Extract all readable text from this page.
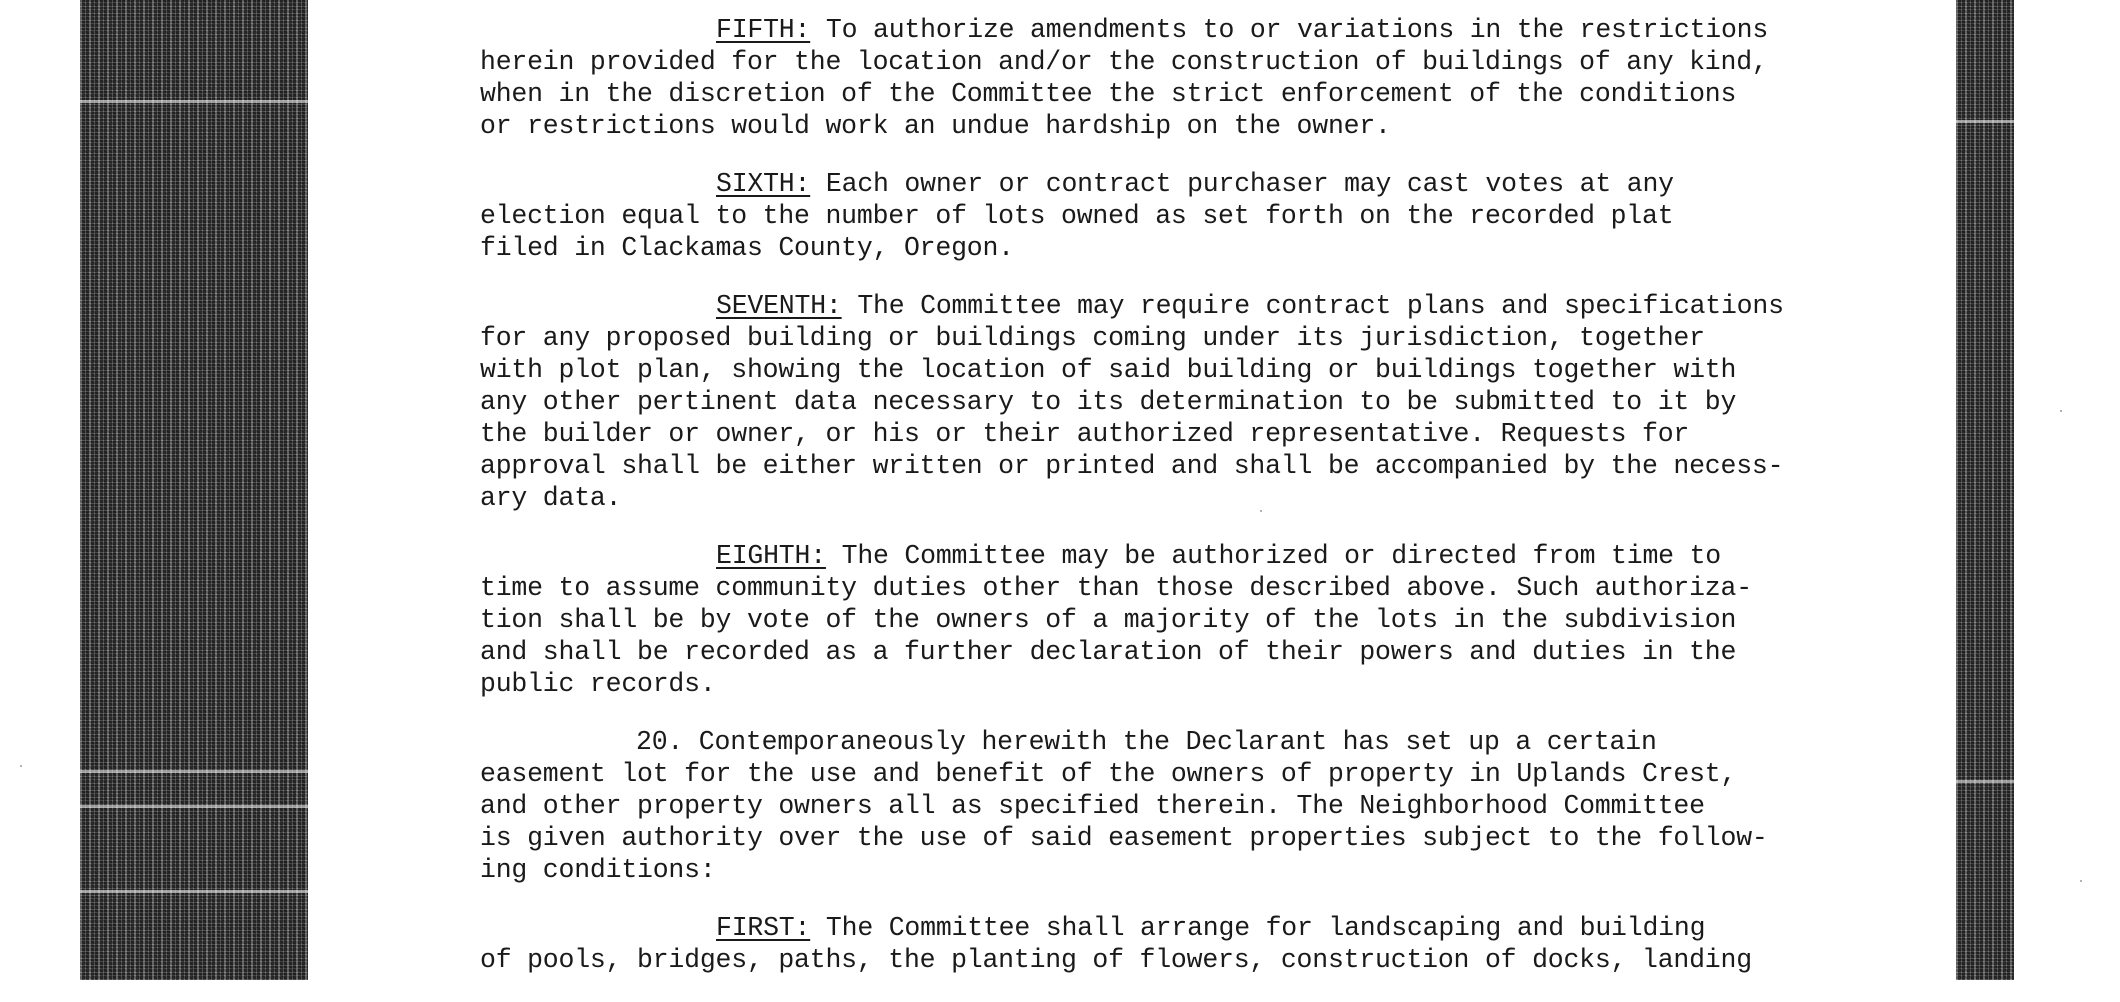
FIFTH: To authorize amendments to or variations in the restrictions
herein provided for the location and/or the construction of buildings of any kind,
when in the discretion of the Committee the strict enforcement of the conditions
or restrictions would work an undue hardship on the owner.

SIXTH: Each owner or contract purchaser may cast votes at any
election equal to the number of lots owned as set forth on the recorded plat
filed in Clackamas County, Oregon.

SEVENTH: The Committee may require contract plans and specifications
for any proposed building or buildings coming under its jurisdiction, together
with plot plan, showing the location of said building or buildings together with
any other pertinent data necessary to its determination to be submitted to it by
the builder or owner, or his or their authorized representative. Requests for
approval shall be either written or printed and shall be accompanied by the necess-
ary data.

EIGHTH: The Committee may be authorized or directed from time to
time to assume community duties other than those described above. Such authoriza-
tion shall be by vote of the owners of a majority of the lots in the subdivision
and shall be recorded as a further declaration of their powers and duties in the
public records.

20. Contemporaneously herewith the Declarant has set up a certain
easement lot for the use and benefit of the owners of property in Uplands Crest,
and other property owners all as specified therein. The Neighborhood Committee
is given authority over the use of said easement properties subject to the follow-
ing conditions:

FIRST: The Committee shall arrange for landscaping and building
of pools, bridges, paths, the planting of flowers, construction of docks, landing
